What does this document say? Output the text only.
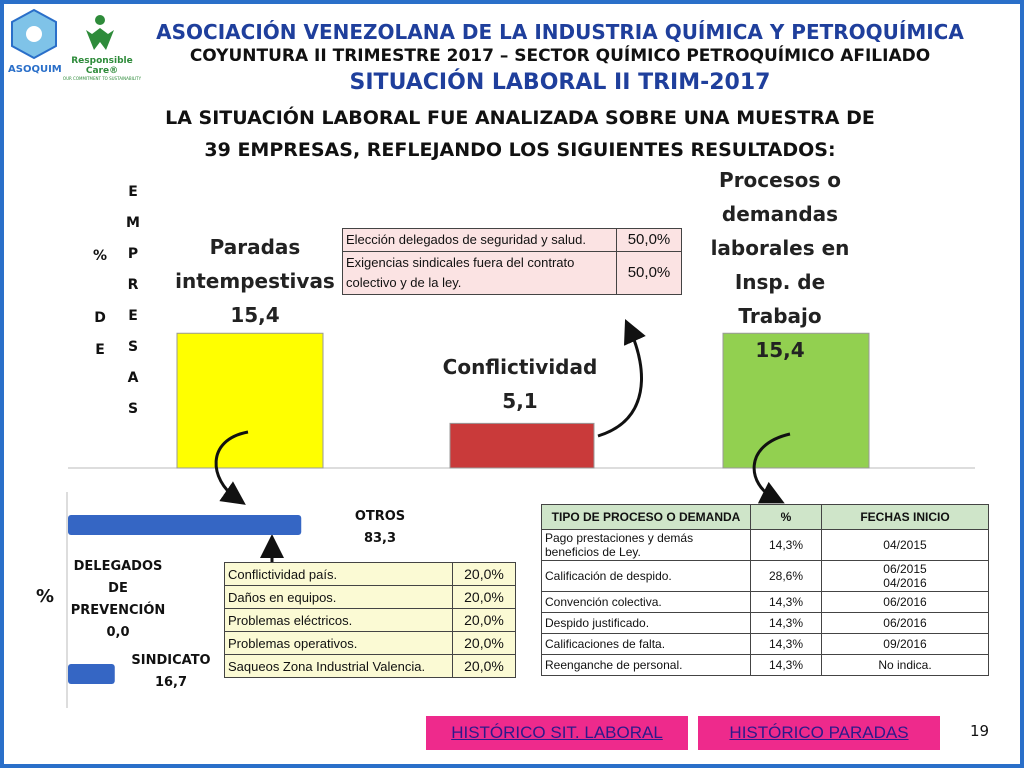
ASOQUIM
Responsible Care®
OUR COMMITMENT TO SUSTAINABILITY
ASOCIACIÓN VENEZOLANA DE LA INDUSTRIA QUÍMICA Y PETROQUÍMICA
COYUNTURA II TRIMESTRE 2017 – SECTOR QUÍMICO PETROQUÍMICO AFILIADO
SITUACIÓN LABORAL II TRIM-2017
LA SITUACIÓN LABORAL FUE ANALIZADA SOBRE UNA MUESTRA DE
39 EMPRESAS, REFLEJANDO LOS SIGUIENTES RESULTADOS:
%
D
E
E
M
P
R
E
S
A
S
Paradas
intempestivas
15,4
Conflictividad
5,1
Procesos o
demandas
laborales en
Insp. de Trabajo
15,4
Elección delegados de seguridad y salud.	50,0%
Exigencias sindicales fuera del contrato colectivo y de la ley.	50,0%
%
OTROS
83,3
DELEGADOS
DE
PREVENCIÓN
0,0
SINDICATO
16,7
Conflictividad país.	20,0%
Daños en equipos.	20,0%
Problemas eléctricos.	20,0%
Problemas operativos.	20,0%
Saqueos Zona Industrial Valencia.	20,0%
TIPO DE PROCESO O DEMANDA	%	FECHAS INICIO
Pago prestaciones y demás beneficios de Ley.	14,3%	04/2015
Calificación de despido.	28,6%	06/2015
04/2016

Convención colectiva.	14,3%	06/2016
Despido justificado.	14,3%	06/2016
Calificaciones de falta.	14,3%	09/2016
Reenganche de personal.	14,3%	No indica.
HISTÓRICO SIT. LABORAL	HISTÓRICO PARADAS	19
